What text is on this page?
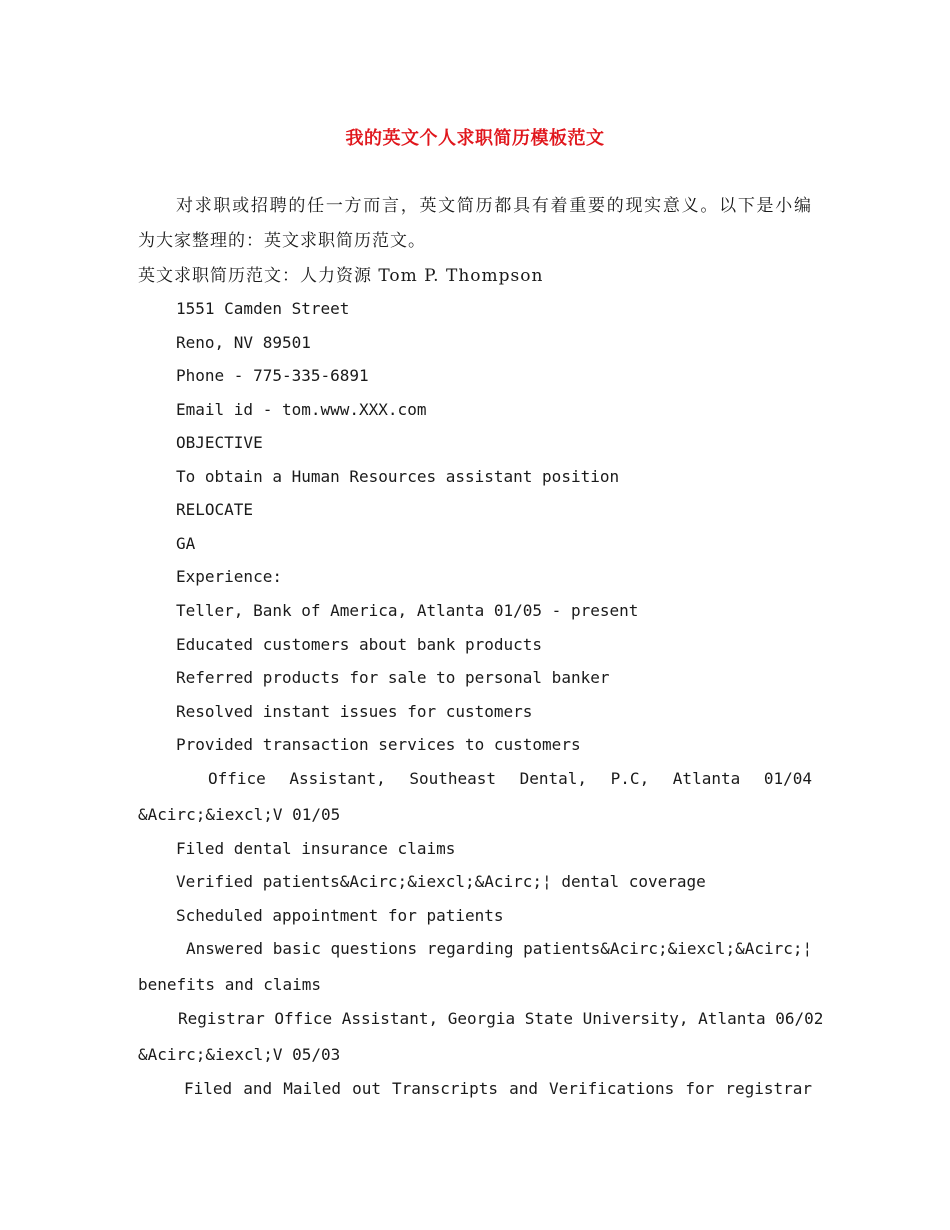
我的英文个人求职简历模板范文
对求职或招聘的任一方而言，英文简历都具有着重要的现实意义。以下是小编
为大家整理的：英文求职简历范文。
英文求职简历范文：人力资源 Tom P. Thompson
1551 Camden Street
Reno, NV 89501
Phone - 775-335-6891
Email id - tom.www.XXX.com
OBJECTIVE
To obtain a Human Resources assistant position
RELOCATE
GA
Experience:
Teller, Bank of America, Atlanta 01/05 - present
Educated customers about bank products
Referred products for sale to personal banker
Resolved instant issues for customers
Provided transaction services to customers
Office Assistant, Southeast Dental, P.C, Atlanta 01/04
&Acirc;&iexcl;V 01/05
Filed dental insurance claims
Verified patients&Acirc;&iexcl;&Acirc;¦ dental coverage
Scheduled appointment for patients
Answered basic questions regarding patients&Acirc;&iexcl;&Acirc;¦
benefits and claims
Registrar Office Assistant, Georgia State University, Atlanta 06/02
&Acirc;&iexcl;V 05/03
Filed and Mailed out Transcripts and Verifications for registrar
